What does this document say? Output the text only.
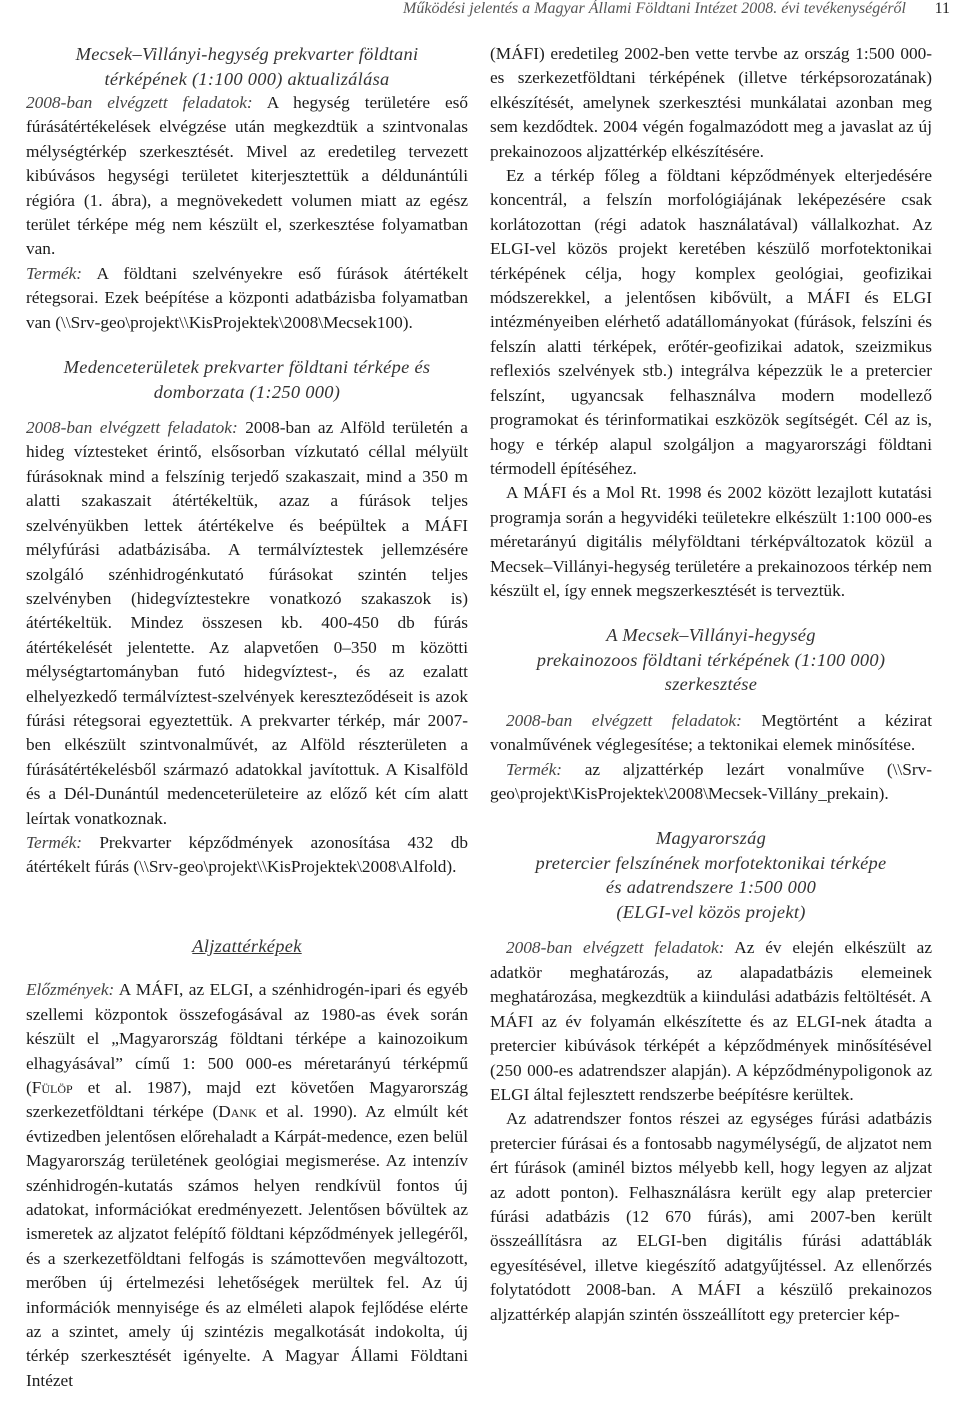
Működési jelentés a Magyar Állami Földtani Intézet 2008. évi tevékenységéről 11

Mecsek–Villányi-hegység prekvarter földtani
térképének (1:100 000) aktualizálása

2008-ban elvégzett feladatok: A hegység területére eső fúrásátértékelések elvégzése után megkezdtük a szintvonalas mélységtérkép szerkesztését. Mivel az eredetileg tervezett kibúvásos hegységi területet kiterjesztettük a déldunántúli régióra (1. ábra), a megnövekedett volumen miatt az egész terület térképe még nem készült el, szerkesztése folyamatban van.

Termék: A földtani szelvényekre eső fúrások átértékelt rétegsorai. Ezek beépítése a központi adatbázisba folyamatban van (\\Srv-geo\projekt\\KisProjektek\2008\Mecsek100).

Medenceterületek prekvarter földtani térképe és
domborzata (1:250 000)

2008-ban elvégzett feladatok: 2008-ban az Alföld területén a hideg víztesteket érintő, elsősorban vízkutató céllal mélyült fúrásoknak mind a felszínig terjedő szakaszait, mind a 350 m alatti szakaszait átértékeltük, azaz a fúrások teljes szelvényükben lettek átértékelve és beépültek a MÁFI mélyfúrási adatbázisába. A termálvíztestek jellemzésére szolgáló szénhidrogénkutató fúrásokat szintén teljes szelvényben (hidegvíztestekre vonatkozó szakaszok is) átértékeltük. Mindez összesen kb. 400-450 db fúrás átértékelését jelentette. Az alapvetően 0–350 m közötti mélységtartományban futó hidegvíztest-, és az ezalatt elhelyezkedő termálvíztest-szelvények kereszteződéseit is azok fúrási rétegsorai egyeztettük. A prekvarter térkép, már 2007-ben elkészült szintvonalművét, az Alföld részterületen a fúrásátértékelésből származó adatokkal javítottuk. A Kisalföld és a Dél-Dunántúl medenceterületeire az előző két cím alatt leírtak vonatkoznak.

Termék: Prekvarter képződmények azonosítása 432 db átértékelt fúrás (\\Srv-geo\projekt\\KisProjektek\2008\Alfold).

Aljzattérképek

Előzmények: A MÁFI, az ELGI, a szénhidrogén-ipari és egyéb szellemi központok összefogásával az 1980-as évek során készült el „Magyarország földtani térképe a kainozoikum elhagyásával” című 1: 500 000-es méretarányú térképmű (Fülöp et al. 1987), majd ezt követően Magyarország szerkezetföldtani térképe (Dank et al. 1990). Az elmúlt két évtizedben jelentősen előrehaladt a Kárpát-medence, ezen belül Magyarország területének geológiai megismerése. Az intenzív szénhidrogén-kutatás számos helyen rendkívül fontos új adatokat, információkat eredményezett. Jelentősen bővültek az ismeretek az aljzatot felépítő földtani képződmények jellegéről, és a szerkezetföldtani felfogás is számottevően megváltozott, merőben új értelmezési lehetőségek merültek fel. Az új információk mennyisége és az elméleti alapok fejlődése elérte az a szintet, amely új szintézis megalkotását indokolta, új térkép szerkesztését igényelte. A Magyar Állami Földtani Intézet

(MÁFI) eredetileg 2002-ben vette tervbe az ország 1:500 000-es szerkezetföldtani térképének (illetve térképsorozatának) elkészítését, amelynek szerkesztési munkálatai azonban meg sem kezdődtek. 2004 végén fogalmazódott meg a javaslat az új prekainozoos aljzattérkép elkészítésére.

Ez a térkép főleg a földtani képződmények elterjedésére koncentrál, a felszín morfológiájának leképezésére csak korlátozottan (régi adatok használatával) vállalkozhat. Az ELGI-vel közös projekt keretében készülő morfotektonikai térképének célja, hogy komplex geológiai, geofizikai módszerekkel, a jelentősen kibővült, a MÁFI és ELGI intézményeiben elérhető adatállományokat (fúrások, felszíni és felszín alatti térképek, erőtér-geofizikai adatok, szeizmikus reflexiós szelvények stb.) integrálva képezzük le a pretercier felszínt, ugyancsak felhasználva modern modellező programokat és térinformatikai eszközök segítségét. Cél az is, hogy e térkép alapul szolgáljon a magyarországi földtani térmodell építéséhez.

A MÁFI és a Mol Rt. 1998 és 2002 között lezajlott kutatási programja során a hegyvidéki teületekre elkészült 1:100 000-es méretarányú digitális mélyföldtani térképváltozatok közül a Mecsek–Villányi-hegység területére a prekainozoos térkép nem készült el, így ennek megszerkesztését is terveztük.

A Mecsek–Villányi-hegység
prekainozoos földtani térképének (1:100 000)
szerkesztése

2008-ban elvégzett feladatok: Megtörtént a kézirat vonalművének véglegesítése; a tektonikai elemek minősítése.

Termék: az aljzattérkép lezárt vonalműve (\\Srv-geo\projekt\KisProjektek\2008\Mecsek-Villány_prekain).

Magyarország
pretercier felszínének morfotektonikai térképe
és adatrendszere 1:500 000
(ELGI-vel közös projekt)

2008-ban elvégzett feladatok: Az év elején elkészült az adatkör meghatározás, az alapadatbázis elemeinek meghatározása, megkezdtük a kiindulási adatbázis feltöltését. A MÁFI az év folyamán elkészítette és az ELGI-nek átadta a pretercier kibúvások térképét a képződmények minősítésével (250 000-es adatrendszer alapján). A képződménypoligonok az ELGI által fejlesztett rendszerbe beépítésre kerültek.

Az adatrendszer fontos részei az egységes fúrási adatbázis pretercier fúrásai és a fontosabb nagymélységű, de aljzatot nem ért fúrások (aminél biztos mélyebb kell, hogy legyen az aljzat az adott ponton). Felhasználásra került egy alap pretercier fúrási adatbázis (12 670 fúrás), ami 2007-ben került összeállításra az ELGI-ben digitális fúrási adattáblák egyesítésével, illetve kiegészítő adatgyűjtéssel. Az ellenőrzés folytatódott 2008-ban. A MÁFI a készülő prekainozos aljzattérkép alapján szintén összeállított egy pretercier kép-
